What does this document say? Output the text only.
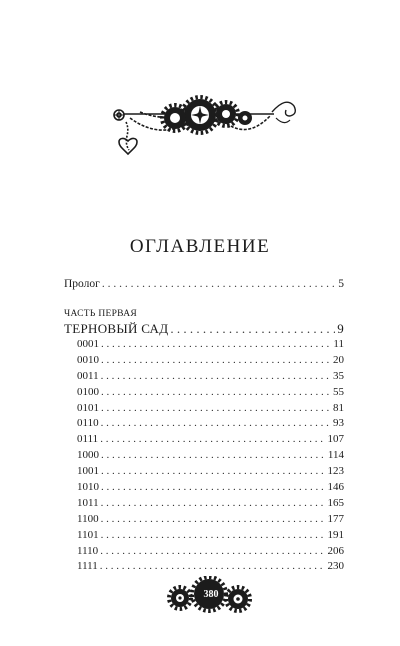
ОГЛАВЛЕНИЕ
Пролог . . .	5
ЧАСТЬ ПЕРВАЯ
ТЕРНОВЫЙ САД . . .	9
0001 . . .	11
0010 . . .	20
0011 . . .	35
0100 . . .	55
0101 . . .	81
0110 . . .	93
0111 . . .	107
1000 . . .	114
1001 . . .	123
1010 . . .	146
1011 . . .	165
1100 . . .	177
1101 . . .	191
1110 . . .	206
1111 . . .	230
380
